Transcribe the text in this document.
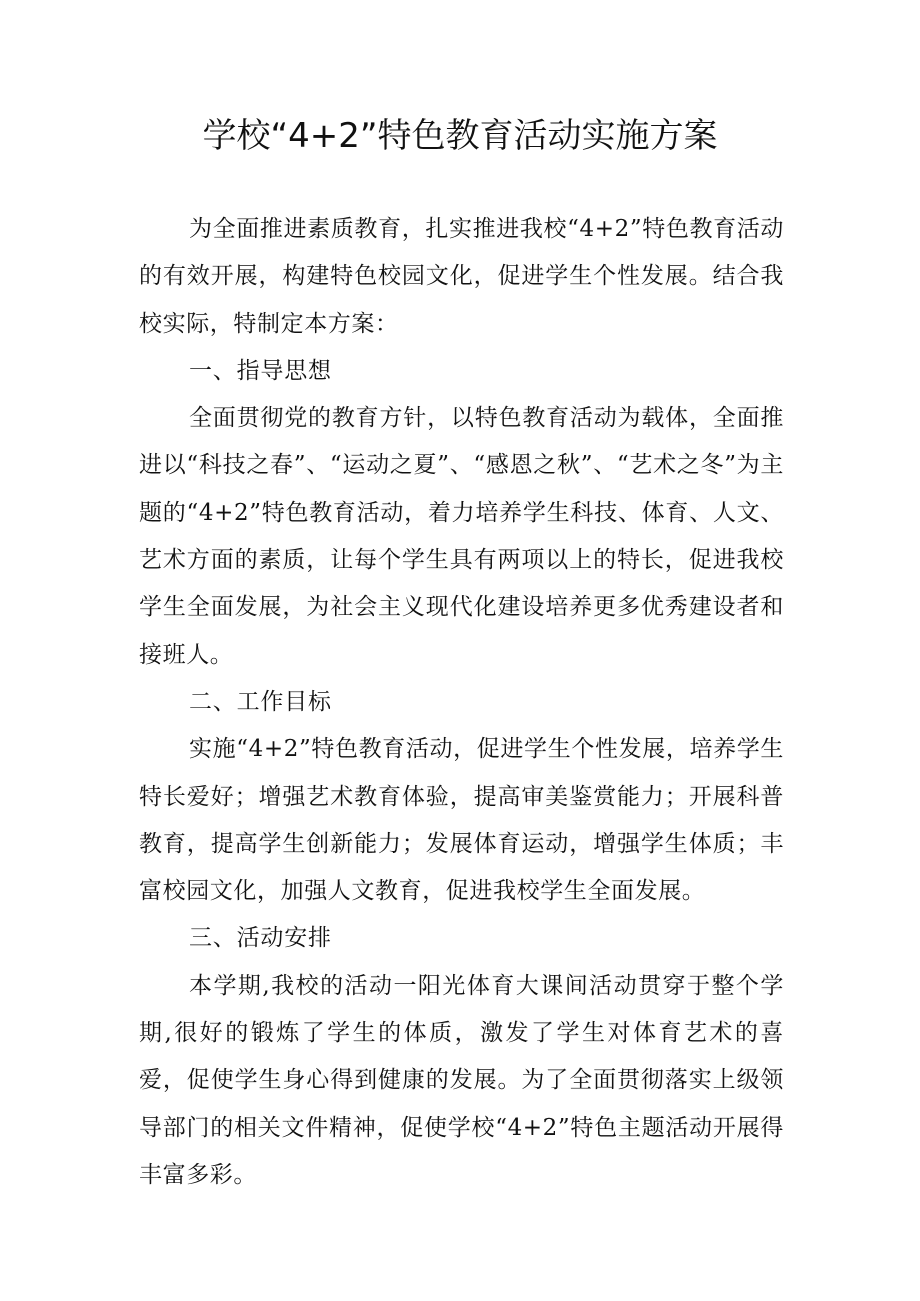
学校“4+2”特色教育活动实施方案

为全面推进素质教育，扎实推进我校“4+2”特色教育活动的有效开展，构建特色校园文化，促进学生个性发展。结合我校实际，特制定本方案：

一、指导思想

全面贯彻党的教育方针，以特色教育活动为载体，全面推进以“科技之春”、“运动之夏”、“感恩之秋”、“艺术之冬”为主题的“4+2”特色教育活动，着力培养学生科技、体育、人文、艺术方面的素质，让每个学生具有两项以上的特长，促进我校学生全面发展，为社会主义现代化建设培养更多优秀建设者和接班人。

二、工作目标

实施“4+2”特色教育活动，促进学生个性发展，培养学生特长爱好；增强艺术教育体验，提高审美鉴赏能力；开展科普教育，提高学生创新能力；发展体育运动，增强学生体质；丰富校园文化，加强人文教育，促进我校学生全面发展。

三、活动安排

本学期,我校的活动一阳光体育大课间活动贯穿于整个学期,很好的锻炼了学生的体质，激发了学生对体育艺术的喜爱，促使学生身心得到健康的发展。为了全面贯彻落实上级领导部门的相关文件精神，促使学校“4+2”特色主题活动开展得丰富多彩。
